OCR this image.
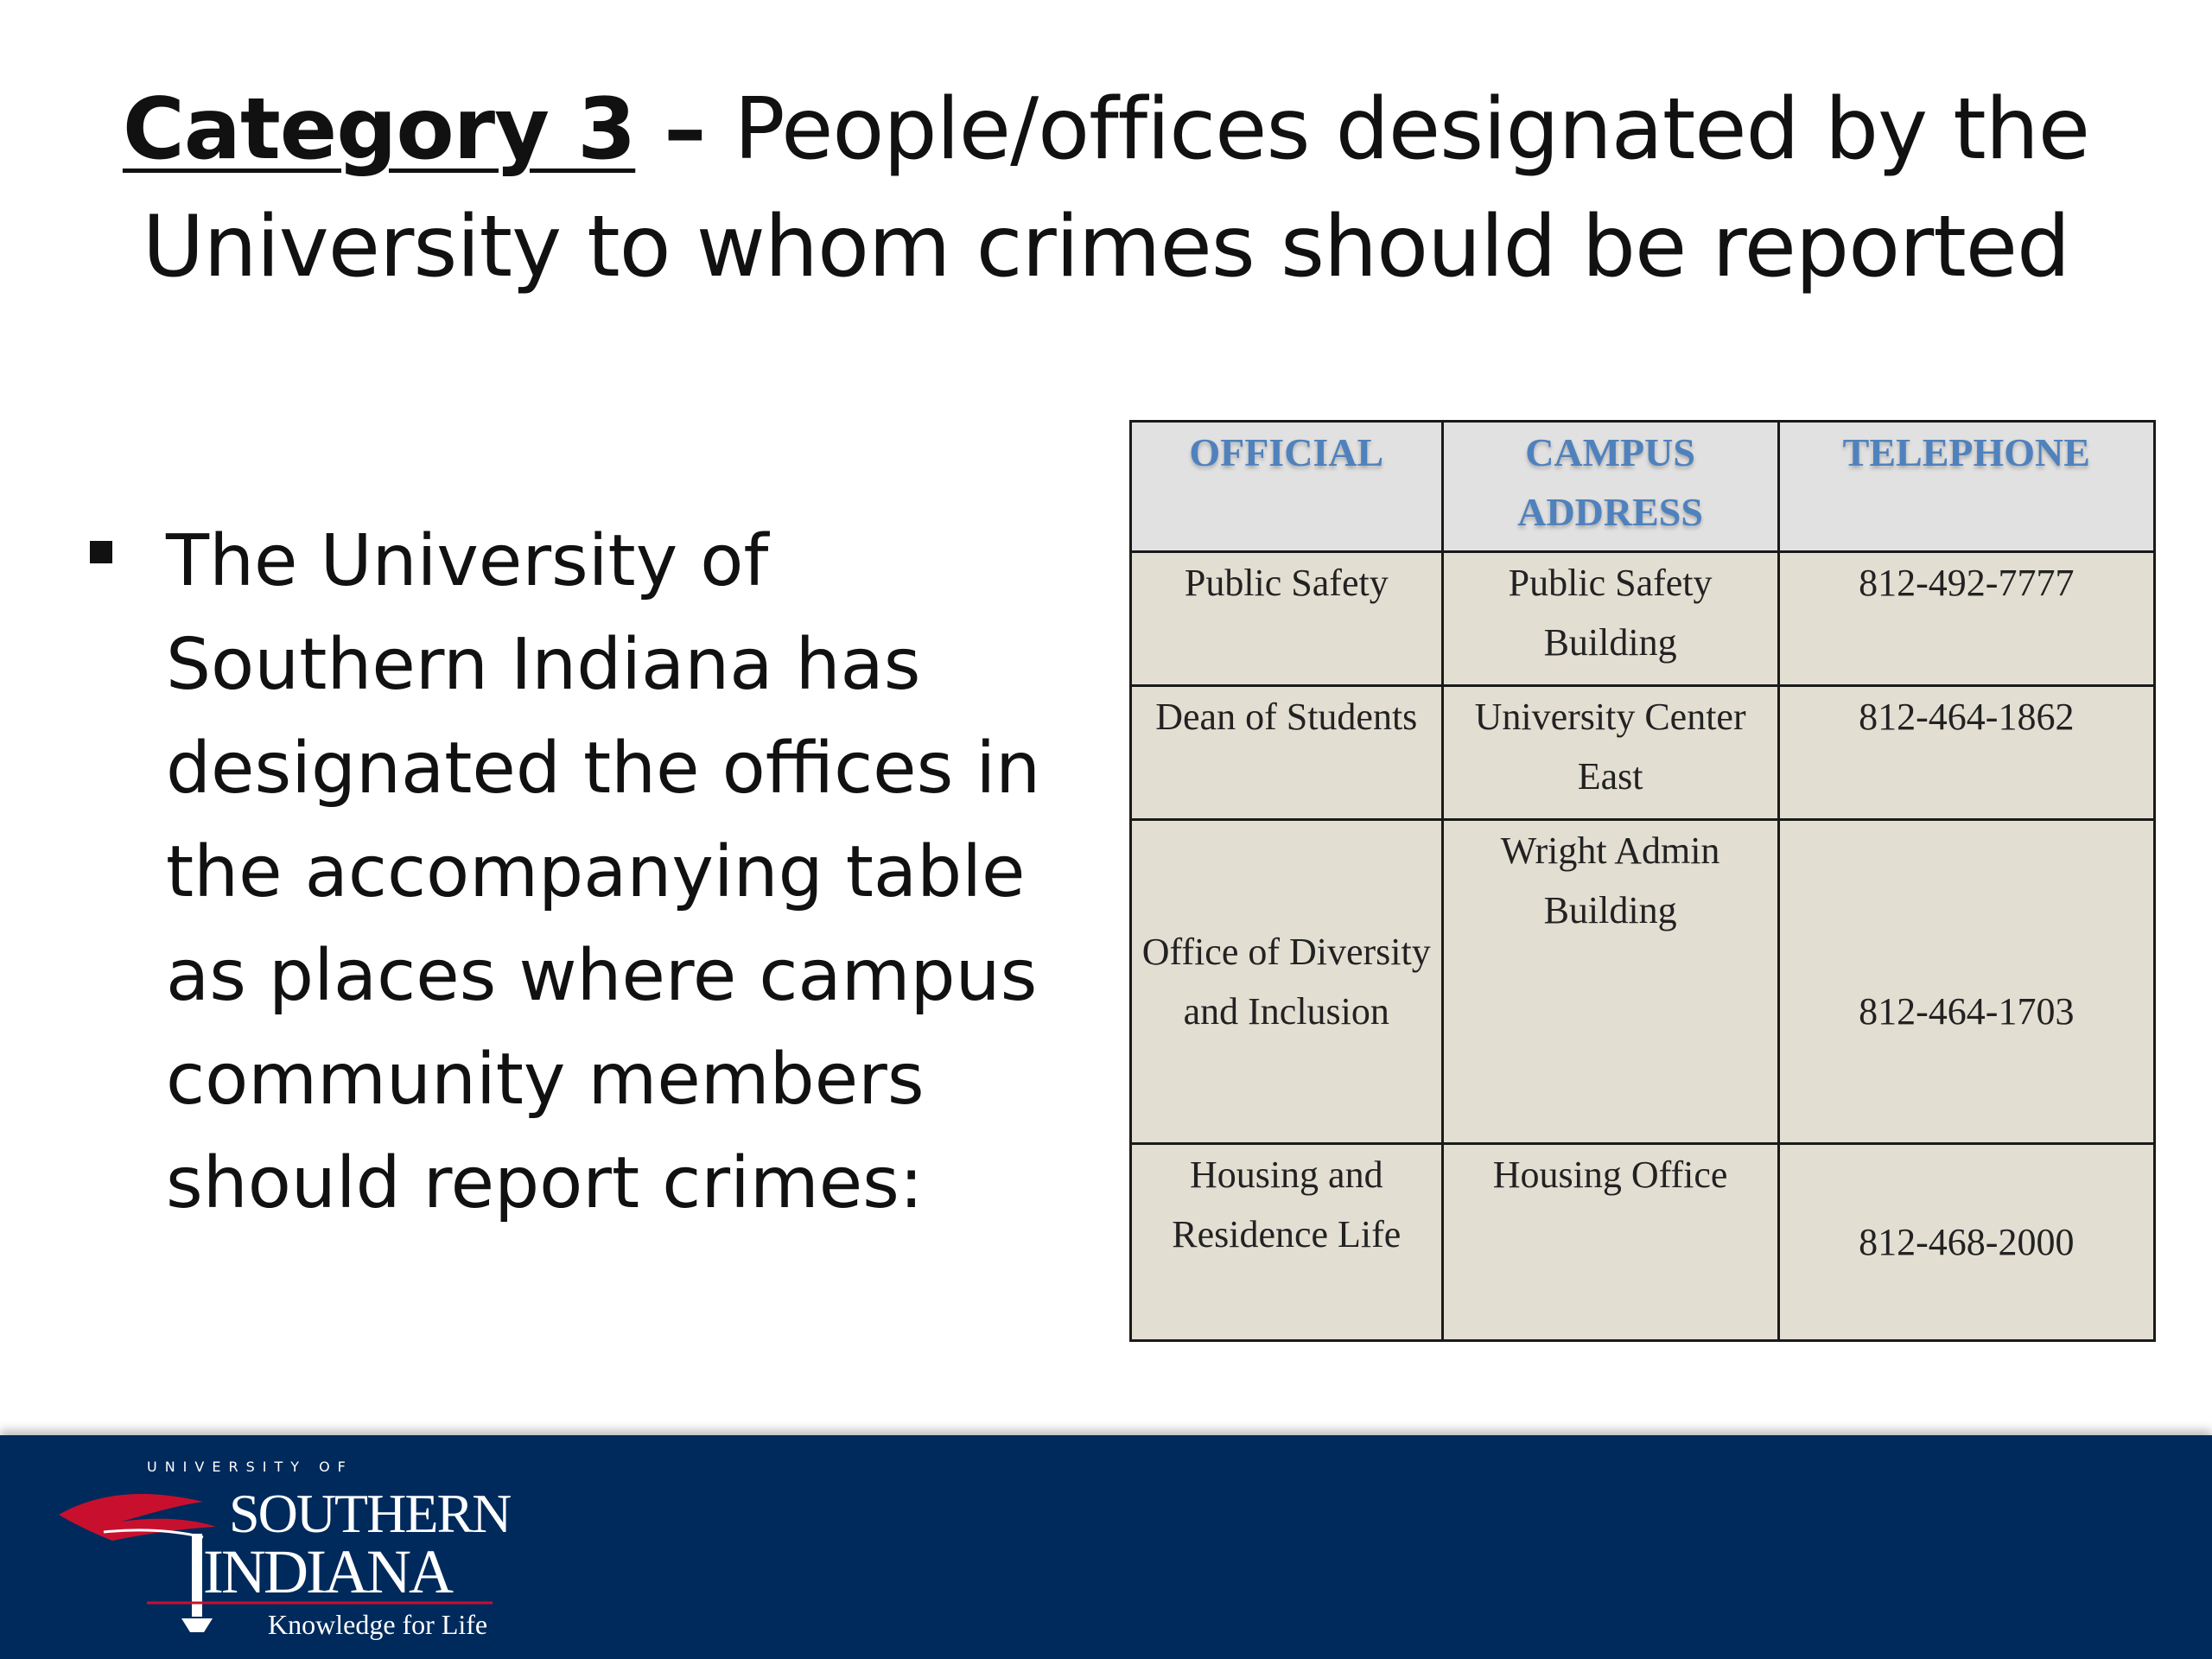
Category 3 – People/offices designated by the University to whom crimes should be reported
The University of Southern Indiana has designated the offices in the accompanying table as places where campus community members should report crimes:
OFFICIAL	CAMPUS ADDRESS	TELEPHONE
Public Safety	Public Safety Building	812-492-7777
Dean of Students	University Center East	812-464-1862
Office of Diversity and Inclusion	Wright Admin Building	812-464-1703
Housing and Residence Life	Housing Office	812-468-2000
UNIVERSITY OF
SOUTHERN
INDIANA
Knowledge for Life
